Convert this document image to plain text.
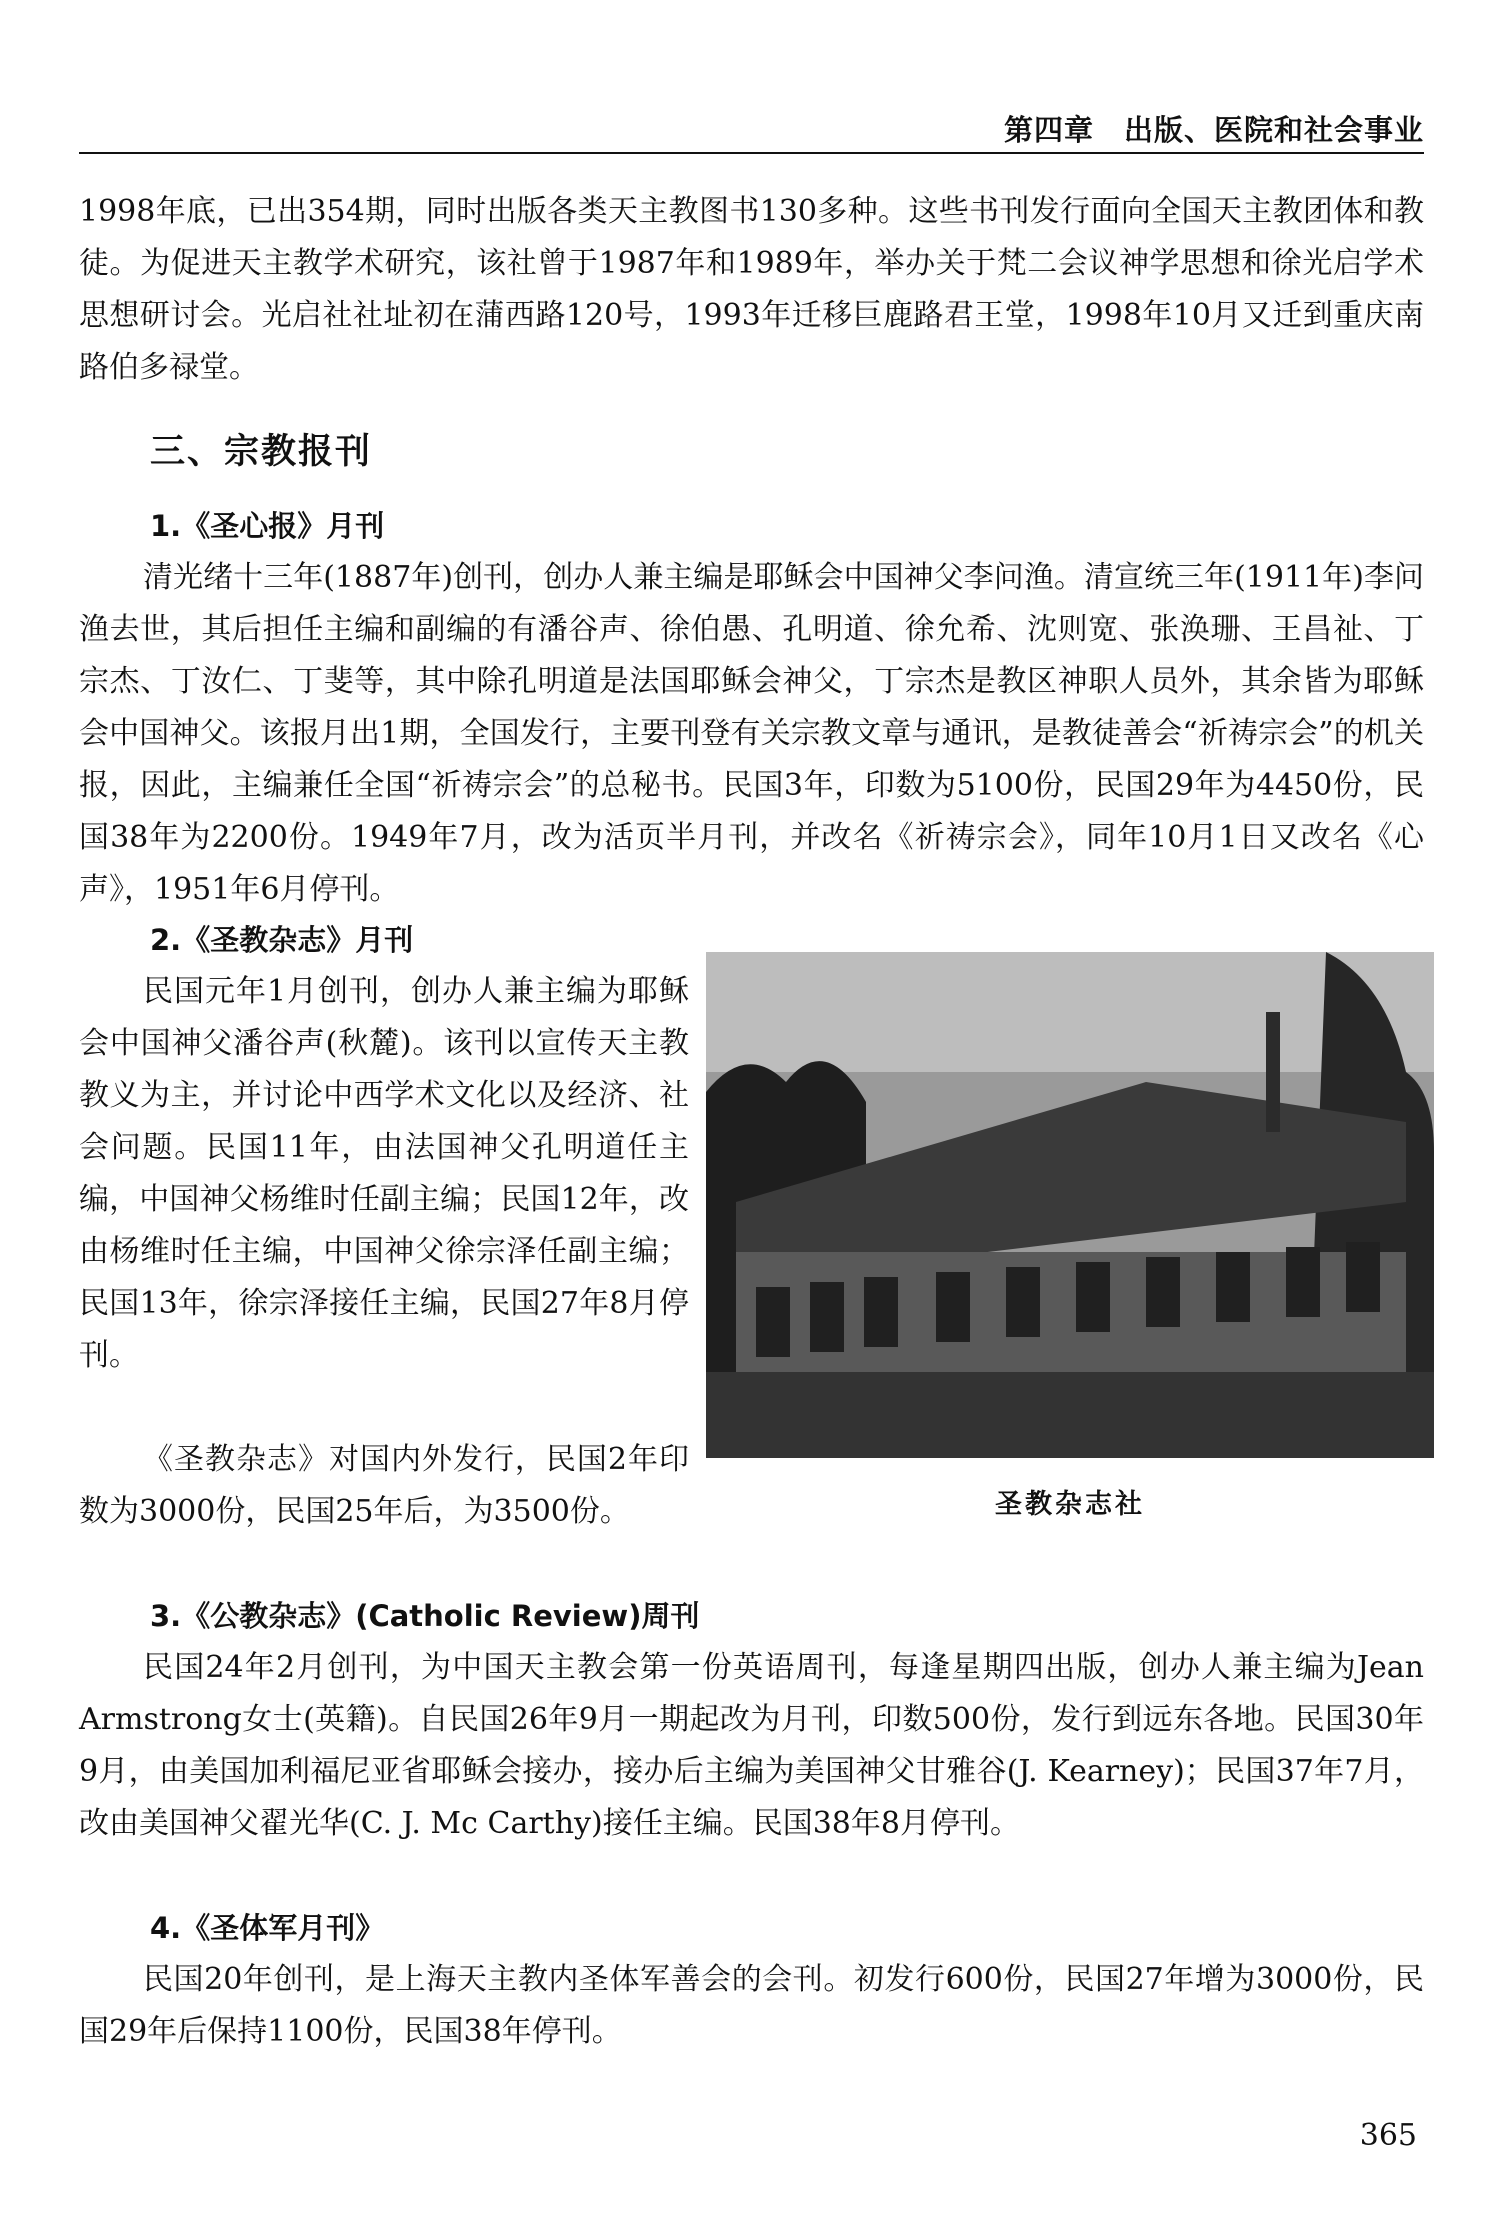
第四章　出版、医院和社会事业

1998年底，已出354期，同时出版各类天主教图书130多种。这些书刊发行面向全国天主教团体和教徒。为促进天主教学术研究，该社曾于1987年和1989年，举办关于梵二会议神学思想和徐光启学术思想研讨会。光启社社址初在蒲西路120号，1993年迁移巨鹿路君王堂，1998年10月又迁到重庆南路伯多禄堂。

三、宗教报刊
1.《圣心报》月刊

清光绪十三年(1887年)创刊，创办人兼主编是耶稣会中国神父李问渔。清宣统三年(1911年)李问渔去世，其后担任主编和副编的有潘谷声、徐伯愚、孔明道、徐允希、沈则宽、张涣珊、王昌祉、丁宗杰、丁汝仁、丁斐等，其中除孔明道是法国耶稣会神父，丁宗杰是教区神职人员外，其余皆为耶稣会中国神父。该报月出1期，全国发行，主要刊登有关宗教文章与通讯，是教徒善会“祈祷宗会”的机关报，因此，主编兼任全国“祈祷宗会”的总秘书。民国3年，印数为5100份，民国29年为4450份，民国38年为2200份。1949年7月，改为活页半月刊，并改名《祈祷宗会》，同年10月1日又改名《心声》，1951年6月停刊。

2.《圣教杂志》月刊

民国元年1月创刊，创办人兼主编为耶稣会中国神父潘谷声(秋麓)。该刊以宣传天主教教义为主，并讨论中西学术文化以及经济、社会问题。民国11年，由法国神父孔明道任主编，中国神父杨维时任副主编；民国12年，改由杨维时任主编，中国神父徐宗泽任副主编；民国13年，徐宗泽接任主编，民国27年8月停刊。

《圣教杂志》对国内外发行，民国2年印数为3000份，民国25年后，为3500份。	圣教杂志社
3.《公教杂志》(Catholic Review)周刊

民国24年2月创刊，为中国天主教会第一份英语周刊，每逢星期四出版，创办人兼主编为Jean Armstrong女士(英籍)。自民国26年9月一期起改为月刊，印数500份，发行到远东各地。民国30年9月，由美国加利福尼亚省耶稣会接办，接办后主编为美国神父甘雅谷(J. Kearney)；民国37年7月，改由美国神父翟光华(C. J. Mc Carthy)接任主编。民国38年8月停刊。

4.《圣体军月刊》

民国20年创刊，是上海天主教内圣体军善会的会刊。初发行600份，民国27年增为3000份，民国29年后保持1100份，民国38年停刊。

365
